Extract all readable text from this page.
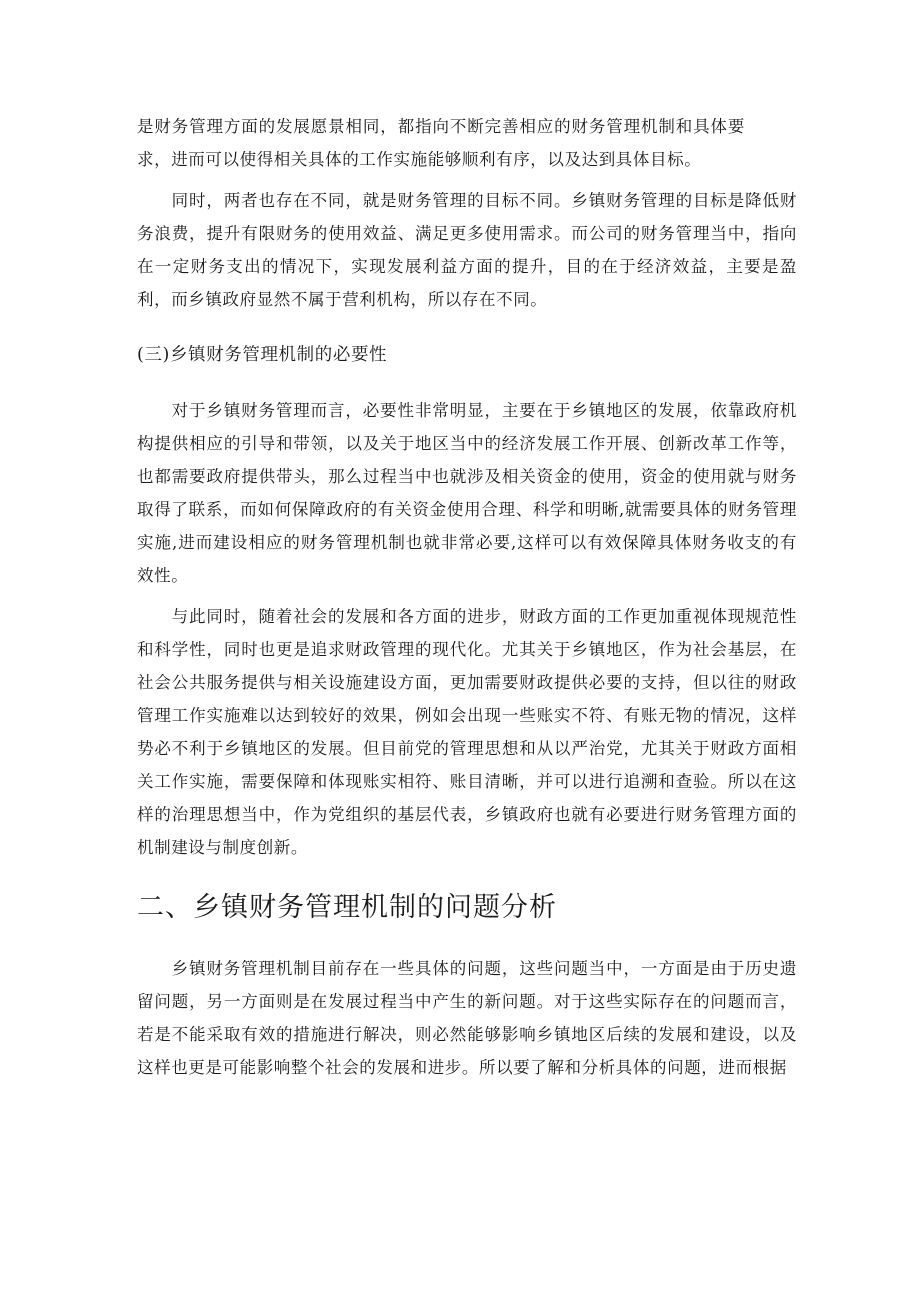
是财务管理方面的发展愿景相同，都指向不断完善相应的财务管理机制和具体要求，进而可以使得相关具体的工作实施能够顺利有序，以及达到具体目标。

同时，两者也存在不同，就是财务管理的目标不同。乡镇财务管理的目标是降低财务浪费，提升有限财务的使用效益、满足更多使用需求。而公司的财务管理当中，指向在一定财务支出的情况下，实现发展利益方面的提升，目的在于经济效益，主要是盈利，而乡镇政府显然不属于营利机构，所以存在不同。

(三)乡镇财务管理机制的必要性

对于乡镇财务管理而言，必要性非常明显，主要在于乡镇地区的发展，依靠政府机构提供相应的引导和带领，以及关于地区当中的经济发展工作开展、创新改革工作等，也都需要政府提供带头，那么过程当中也就涉及相关资金的使用，资金的使用就与财务取得了联系，而如何保障政府的有关资金使用合理、科学和明晰,就需要具体的财务管理实施,进而建设相应的财务管理机制也就非常必要,这样可以有效保障具体财务收支的有效性。

与此同时，随着社会的发展和各方面的进步，财政方面的工作更加重视体现规范性和科学性，同时也更是追求财政管理的现代化。尤其关于乡镇地区，作为社会基层，在社会公共服务提供与相关设施建设方面，更加需要财政提供必要的支持，但以往的财政管理工作实施难以达到较好的效果，例如会出现一些账实不符、有账无物的情况，这样势必不利于乡镇地区的发展。但目前党的管理思想和从以严治党，尤其关于财政方面相关工作实施，需要保障和体现账实相符、账目清晰，并可以进行追溯和查验。所以在这样的治理思想当中，作为党组织的基层代表，乡镇政府也就有必要进行财务管理方面的机制建设与制度创新。

二、乡镇财务管理机制的问题分析

乡镇财务管理机制目前存在一些具体的问题，这些问题当中，一方面是由于历史遗留问题，另一方面则是在发展过程当中产生的新问题。对于这些实际存在的问题而言，若是不能采取有效的措施进行解决，则必然能够影响乡镇地区后续的发展和建设，以及这样也更是可能影响整个社会的发展和进步。所以要了解和分析具体的问题，进而根据
